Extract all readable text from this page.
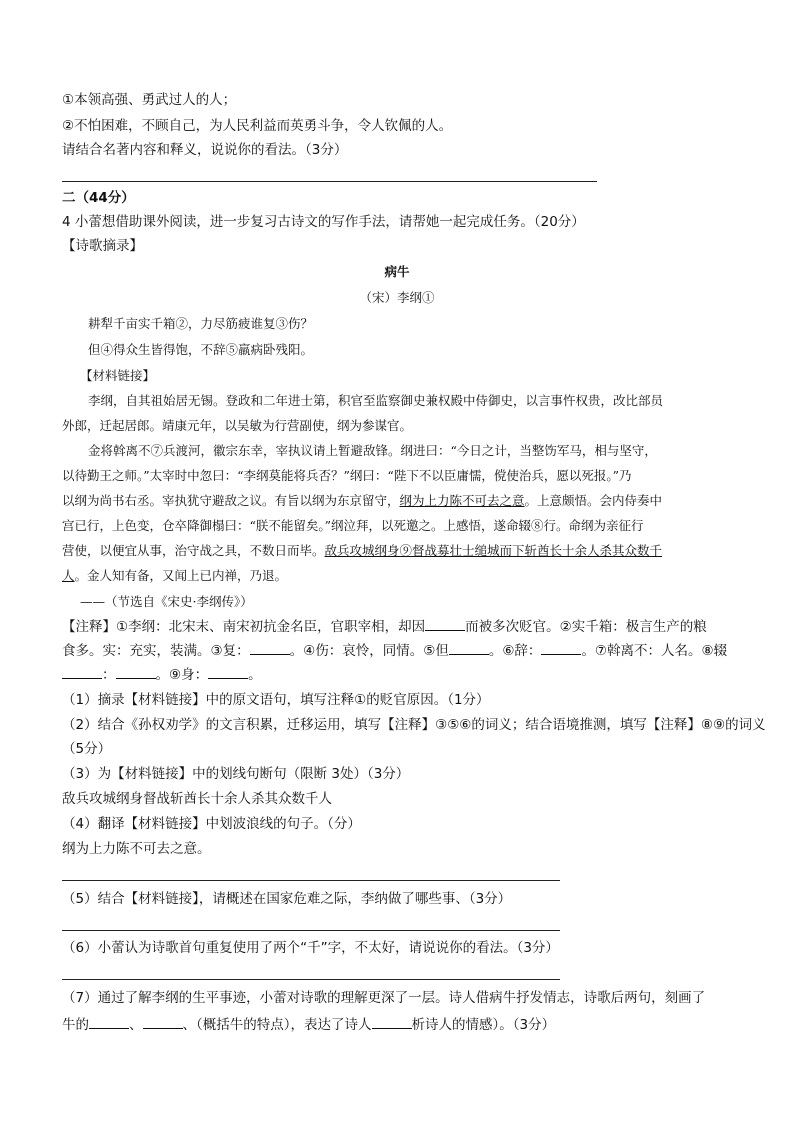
①本领高强、勇武过人的人；
②不怕困难，不顾自己，为人民利益而英勇斗争，令人钦佩的人。
请结合名著内容和释义，说说你的看法。（3分）
二（44分）
4 小蕾想借助课外阅读，进一步复习古诗文的写作手法，请帮她一起完成任务。（20分）
【诗歌摘录】
病牛
（宋）李纲①
耕犁千亩实千箱②，力尽筋疲谁复③伤？
但④得众生皆得饱，不辞⑤羸病卧残阳。
【材料链接】
李纲，自其祖始居无锡。登政和二年进士第，积官至监察御史兼权殿中侍御史，以言事忤权贵，改比部员
外郎，迁起居郎。靖康元年，以吴敏为行营副使，纲为参谋官。
金将斡离不⑦兵渡河，徽宗东幸，宰执议请上暂避敌锋。纲进曰：“今日之计，当整饬军马，相与坚守，
以待勤王之师。”太宰时中忽曰：“李纲莫能将兵否？”纲曰：“陛下不以臣庸懦，傥使治兵，愿以死报。”乃
以纲为尚书右丞。宰执犹守避敌之议。有旨以纲为东京留守，纲为上力陈不可去之意。上意颇悟。会内侍奏中
宫已行，上色变，仓卒降御榻曰：“朕不能留矣。”纲泣拜，以死邀之。上感悟，遂命辍⑧行。命纲为亲征行
营使，以便宜从事，治守战之具，不数日而毕。敌兵攻城纲身⑨督战募壮士缒城而下斩酋长十余人杀其众数千
人。金人知有备，又闻上已内禅，乃退。
——（节选自《宋史·李纲传》）
【注释】①李纲：北宋末、南宋初抗金名臣，官职宰相，却因	而被多次贬官。②实千箱：极言生产的粮
食多。实：充实，装满。③复：	。④伤：哀怜，同情。⑤但	。⑥辞：	。⑦斡离不：人名。⑧辍
：	。⑨身：	。
（1）摘录【材料链接】中的原文语句，填写注释①的贬官原因。（1分）
（2）结合《孙权劝学》的文言积累，迁移运用，填写【注释】③⑤⑥的词义；结合语境推测，填写【注释】⑧⑨的词义
（5分）
（3）为【材料链接】中的划线句断句（限断 3处）（3分）
敌兵攻城纲身督战斩酋长十余人杀其众数千人
（4）翻译【材料链接】中划波浪线的句子。（分）
纲为上力陈不可去之意。
（5）结合【材料链接】，请概述在国家危难之际，李纳做了哪些事、（3分）
（6）小蕾认为诗歌首句重复使用了两个“千”字，不太好，请说说你的看法。（3分）
（7）通过了解李纲的生平事迹，小蕾对诗歌的理解更深了一层。诗人借病牛抒发情志，诗歌后两句，刻画了
牛的	、	、（概括牛的特点），表达了诗人	析诗人的情感）。（3分）
